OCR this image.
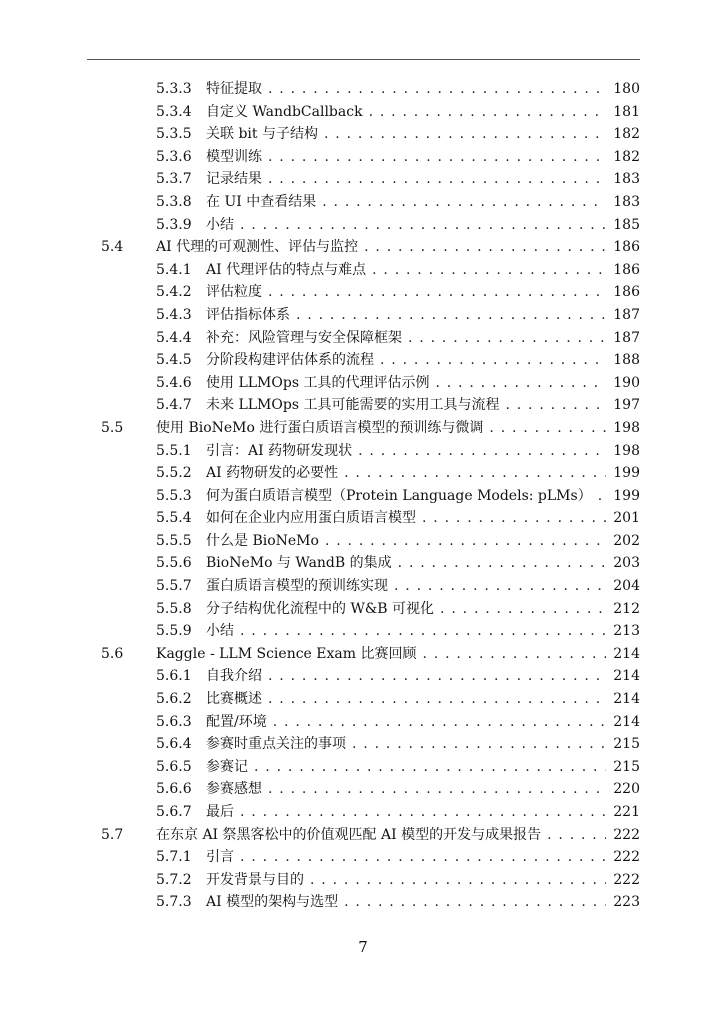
5.3.3 特征提取 . . .	180
5.3.4 自定义 WandbCallback . . .	181
5.3.5 关联 bit 与子结构 . . .	182
5.3.6 模型训练 . . .	182
5.3.7 记录结果 . . .	183
5.3.8 在 UI 中查看结果 . . .	183
5.3.9 小结 . . .	185
5.4 AI 代理的可观测性、评估与监控 . . .	186
5.4.1 AI 代理评估的特点与难点 . . .	186
5.4.2 评估粒度 . . .	186
5.4.3 评估指标体系 . . .	187
5.4.4 补充：风险管理与安全保障框架 . . .	187
5.4.5 分阶段构建评估体系的流程 . . .	188
5.4.6 使用 LLMOps 工具的代理评估示例 . . .	190
5.4.7 未来 LLMOps 工具可能需要的实用工具与流程 . . .	197
5.5 使用 BioNeMo 进行蛋白质语言模型的预训练与微调 . . .	198
5.5.1 引言：AI 药物研发现状 . . .	198
5.5.2 AI 药物研发的必要性 . . .	199
5.5.3 何为蛋白质语言模型（Protein Language Models: pLMs） . . .	199
5.5.4 如何在企业内应用蛋白质语言模型 . . .	201
5.5.5 什么是 BioNeMo . . .	202
5.5.6 BioNeMo 与 WandB 的集成 . . .	203
5.5.7 蛋白质语言模型的预训练实现 . . .	204
5.5.8 分子结构优化流程中的 W&B 可视化 . . .	212
5.5.9 小结 . . .	213
5.6 Kaggle - LLM Science Exam 比赛回顾 . . .	214
5.6.1 自我介绍 . . .	214
5.6.2 比赛概述 . . .	214
5.6.3 配置/环境 . . .	214
5.6.4 参赛时重点关注的事项 . . .	215
5.6.5 参赛记 . . .	215
5.6.6 参赛感想 . . .	220
5.6.7 最后 . . .	221
5.7 在东京 AI 祭黑客松中的价值观匹配 AI 模型的开发与成果报告 . . .	222
5.7.1 引言 . . .	222
5.7.2 开发背景与目的 . . .	222
5.7.3 AI 模型的架构与选型 . . .	223
7
